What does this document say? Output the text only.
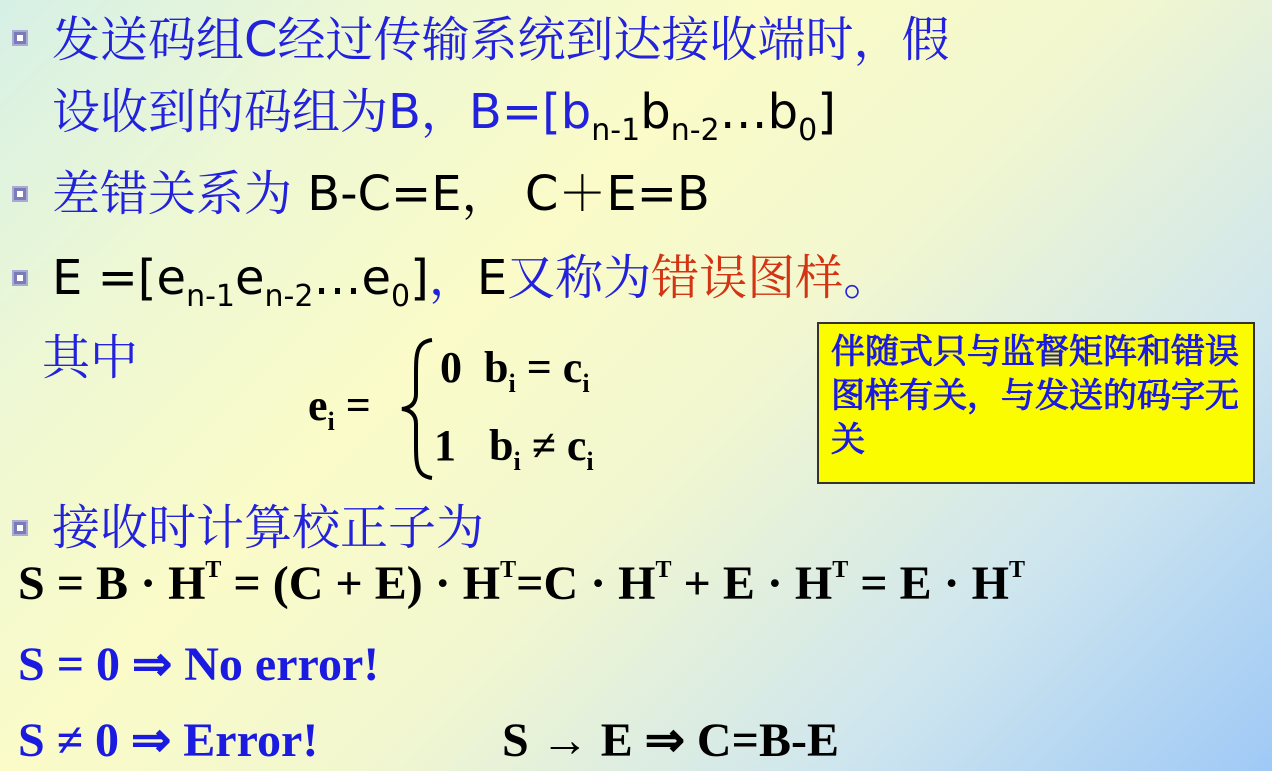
发送码组C经过传输系统到达接收端时，假
设收到的码组为B，$B=[b_{n-1}b_{n-2}\dots b_0]$
差错关系为 B-C=E， C＋E=B
$E =[e_{n-1}e_{n-2}\dots e_0]$，E又称为错误图样。
其中
$e_i$ =
0 $b_i = c_i$
1 $b_i \ne c_i$
伴随式只与监督矩阵和错误图样有关，与发送的码字无关
接收时计算校正子为
$S = B \cdot H^T = (C + E) \cdot H^T=C \cdot H^T + E \cdot H^T = E \cdot H^T$
S = 0 ⇒ No error!
S ≠ 0 ⇒ Error!	S → E ⇒ C=B-E
